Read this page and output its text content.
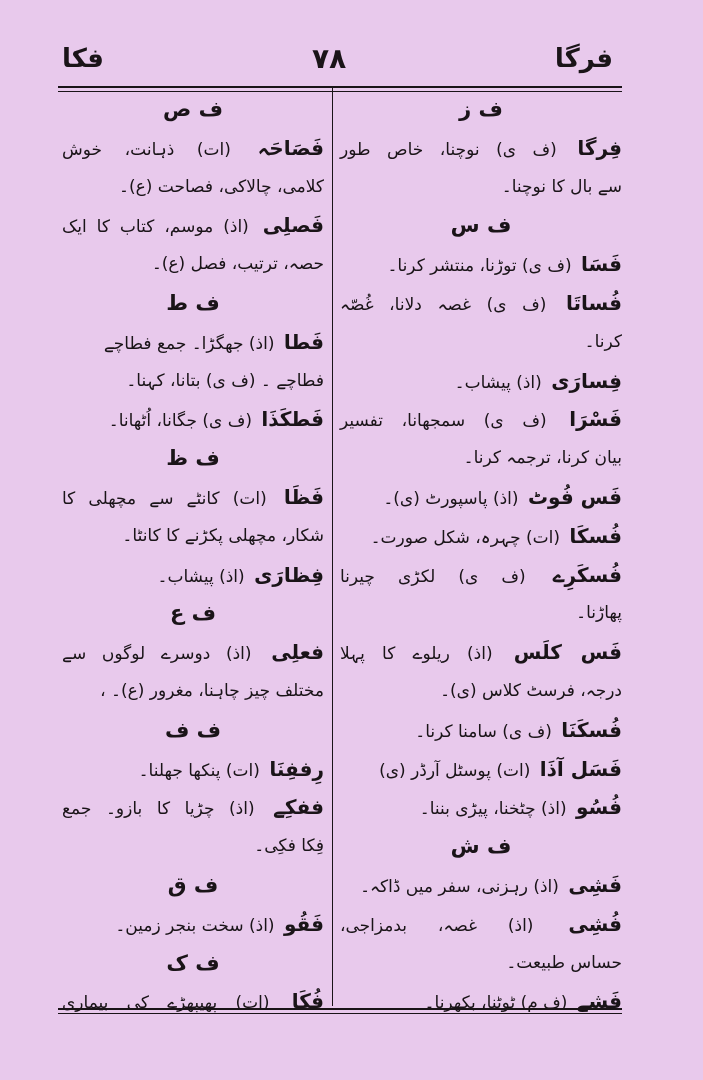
فکا	٧٨	فرگا
ف ز
فِرگا (ف ی) نوچنا، خاص طور
سے بال کا نوچنا۔
ف س
فَسَا (ف ی) توڑنا، منتشر کرنا۔
فُساتَا (ف ی) غصہ دلانا، غُصّہ
کرنا۔
فِسارَی (اذ) پیشاب۔
فَسْرَا (ف ی) سمجھانا، تفسیر
بیان کرنا، ترجمہ کرنا۔
فَس فُوٹ (اذ) پاسپورٹ (ی)۔
فُسکَا (ات) چہرہ، شکل صورت۔
فُسکَرِے (ف ی) لکڑی چیرنا
پھاڑنا۔
فَس کلَس (اذ) ریلوے کا پہلا
درجہ، فرسٹ کلاس (ی)۔
فُسکَنَا (ف ی) سامنا کرنا۔
فَسَل آذَا (ات) پوسٹل آرڈر (ی)
فُسُو (اذ) چٹخنا، پیڑی بننا۔
ف ش
فَشِی (اذ) رہزنی، سفر میں ڈاکہ۔
فُشِی (اذ) غصہ، بدمزاجی،
حساس طبیعت۔
فَشے (ف م) ٹوٹنا، بکھرنا۔
ف ص
فَصَاحَہ (ات) ذہانت، خوش
کلامی، چالاکی، فصاحت (ع)۔
فَصلِی (اذ) موسم، کتاب کا ایک
حصہ، ترتیب، فصل (ع)۔
ف ط
فَطا (اذ) جھگڑا۔ جمع فطاچے
فطاچے ۔ (ف ی) بتانا، کہنا۔
فَطکَذَا (ف ی) جگانا، اُٹھانا۔
ف ظ
فَظَا (ات) کانٹے سے مچھلی کا
شکار، مچھلی پکڑنے کا کانٹا۔
فِظارَی (اذ) پیشاب۔
ف ع
فعلِی (اذ) دوسرے لوگوں سے
مختلف چیز چاہنا، مغرور (ع)۔ ،
ف ف
رِففِنَا (ات) پنکھا جھلنا۔
ففکِے (اذ) چڑیا کا بازو۔ جمع
فِکا فکِی۔
ف ق
فَقُو (اذ) سخت بنجر زمین۔
ف ک
فُکَا (ات) پھیپھڑے کی بیماری
